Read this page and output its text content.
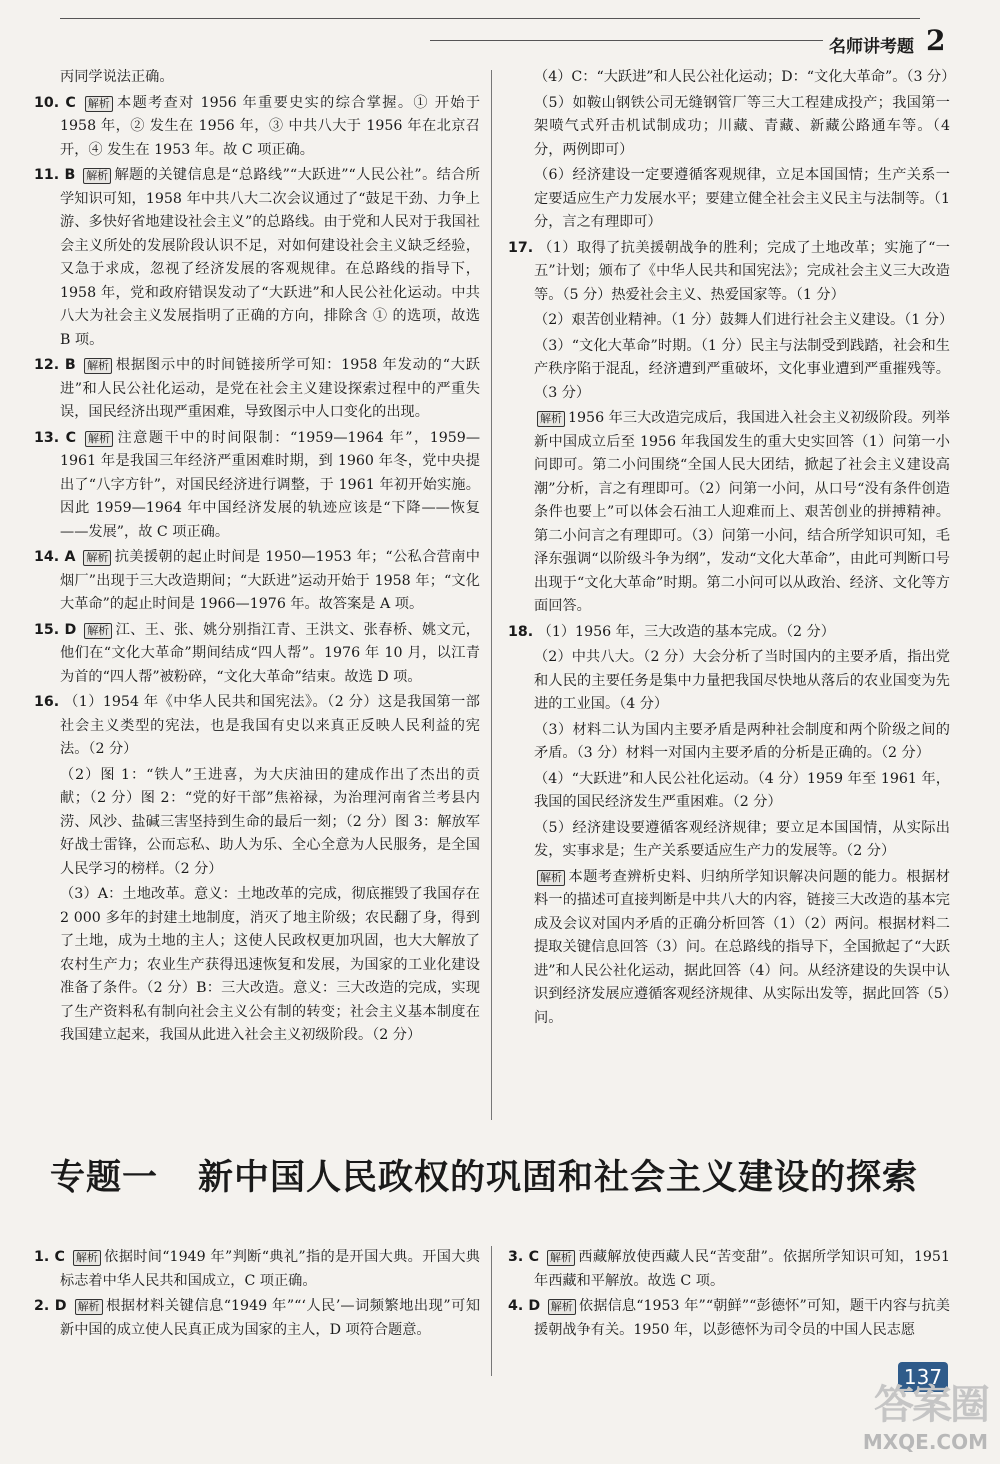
名师讲考题 2
丙同学说法正确。
10. C 解析 本题考查对 1956 年重要史实的综合掌握。① 开始于 1958 年，② 发生在 1956 年，③ 中共八大于 1956 年在北京召开，④ 发生在 1953 年。故 C 项正确。
11. B 解析 解题的关键信息是“总路线”“大跃进”“人民公社”。结合所学知识可知，1958 年中共八大二次会议通过了“鼓足干劲、力争上游、多快好省地建设社会主义”的总路线。由于党和人民对于我国社会主义所处的发展阶段认识不足，对如何建设社会主义缺乏经验，又急于求成，忽视了经济发展的客观规律。在总路线的指导下，1958 年，党和政府错误发动了“大跃进”和人民公社化运动。中共八大为社会主义发展指明了正确的方向，排除含 ① 的选项，故选 B 项。
12. B 解析 根据图示中的时间链接所学可知：1958 年发动的“大跃进”和人民公社化运动，是党在社会主义建设探索过程中的严重失误，国民经济出现严重困难，导致图示中人口变化的出现。
13. C 解析 注意题干中的时间限制：“1959—1964 年”，1959—1961 年是我国三年经济严重困难时期，到 1960 年冬，党中央提出了“八字方针”，对国民经济进行调整，于 1961 年初开始实施。因此 1959—1964 年中国经济发展的轨迹应该是“下降——恢复——发展”，故 C 项正确。
14. A 解析 抗美援朝的起止时间是 1950—1953 年；“公私合营南中烟厂”出现于三大改造期间；“大跃进”运动开始于 1958 年；“文化大革命”的起止时间是 1966—1976 年。故答案是 A 项。
15. D 解析 江、王、张、姚分别指江青、王洪文、张春桥、姚文元，他们在“文化大革命”期间结成“四人帮”。1976 年 10 月，以江青为首的“四人帮”被粉碎，“文化大革命”结束。故选 D 项。
16. （1）1954 年《中华人民共和国宪法》。（2 分）这是我国第一部社会主义类型的宪法，也是我国有史以来真正反映人民利益的宪法。（2 分）
（2）图 1：“铁人”王进喜，为大庆油田的建成作出了杰出的贡献；（2 分）图 2：“党的好干部”焦裕禄，为治理河南省兰考县内涝、风沙、盐碱三害坚持到生命的最后一刻；（2 分）图 3：解放军好战士雷锋，公而忘私、助人为乐、全心全意为人民服务，是全国人民学习的榜样。（2 分）
（3）A：土地改革。意义：土地改革的完成，彻底摧毁了我国存在 2 000 多年的封建土地制度，消灭了地主阶级；农民翻了身，得到了土地，成为土地的主人；这使人民政权更加巩固，也大大解放了农村生产力；农业生产获得迅速恢复和发展，为国家的工业化建设准备了条件。（2 分）B：三大改造。意义：三大改造的完成，实现了生产资料私有制向社会主义公有制的转变；社会主义基本制度在我国建立起来，我国从此进入社会主义初级阶段。（2 分）
（4）C：“大跃进”和人民公社化运动；D：“文化大革命”。（3 分）
（5）如鞍山钢铁公司无缝钢管厂等三大工程建成投产；我国第一架喷气式歼击机试制成功；川藏、青藏、新藏公路通车等。（4 分，两例即可）
（6）经济建设一定要遵循客观规律，立足本国国情；生产关系一定要适应生产力发展水平；要建立健全社会主义民主与法制等。（1 分，言之有理即可）
17. （1）取得了抗美援朝战争的胜利；完成了土地改革；实施了“一五”计划；颁布了《中华人民共和国宪法》；完成社会主义三大改造等。（5 分）热爱社会主义、热爱国家等。（1 分）
（2）艰苦创业精神。（1 分）鼓舞人们进行社会主义建设。（1 分）
（3）“文化大革命”时期。（1 分）民主与法制受到践踏，社会和生产秩序陷于混乱，经济遭到严重破坏，文化事业遭到严重摧残等。（3 分）
解析 1956 年三大改造完成后，我国进入社会主义初级阶段。列举新中国成立后至 1956 年我国发生的重大史实回答（1）问第一小问即可。第二小问围绕“全国人民大团结，掀起了社会主义建设高潮”分析，言之有理即可。（2）问第一小问，从口号“没有条件创造条件也要上”可以体会石油工人迎难而上、艰苦创业的拼搏精神。第二小问言之有理即可。（3）问第一小问，结合所学知识可知，毛泽东强调“以阶级斗争为纲”，发动“文化大革命”，由此可判断口号出现于“文化大革命”时期。第二小问可以从政治、经济、文化等方面回答。
18. （1）1956 年，三大改造的基本完成。（2 分）
（2）中共八大。（2 分）大会分析了当时国内的主要矛盾，指出党和人民的主要任务是集中力量把我国尽快地从落后的农业国变为先进的工业国。（4 分）
（3）材料二认为国内主要矛盾是两种社会制度和两个阶级之间的矛盾。（3 分）材料一对国内主要矛盾的分析是正确的。（2 分）
（4）“大跃进”和人民公社化运动。（4 分）1959 年至 1961 年，我国的国民经济发生严重困难。（2 分）
（5）经济建设要遵循客观经济规律；要立足本国国情，从实际出发，实事求是；生产关系要适应生产力的发展等。（2 分）
解析 本题考查辨析史料、归纳所学知识解决问题的能力。根据材料一的描述可直接判断是中共八大的内容，链接三大改造的基本完成及会议对国内矛盾的正确分析回答（1）（2）两问。根据材料二提取关键信息回答（3）问。在总路线的指导下，全国掀起了“大跃进”和人民公社化运动，据此回答（4）问。从经济建设的失误中认识到经济发展应遵循客观经济规律、从实际出发等，据此回答（5）问。
专题一 新中国人民政权的巩固和社会主义建设的探索
1. C 解析 依据时间“1949 年”判断“典礼”指的是开国大典。开国大典标志着中华人民共和国成立，C 项正确。
2. D 解析 根据材料关键信息“1949 年”“‘人民’—词频繁地出现”可知新中国的成立使人民真正成为国家的主人，D 项符合题意。
3. C 解析 西藏解放使西藏人民“苦变甜”。依据所学知识可知，1951 年西藏和平解放。故选 C 项。
4. D 解析 依据信息“1953 年”“朝鲜”“彭德怀”可知，题干内容与抗美援朝战争有关。1950 年，以彭德怀为司令员的中国人民志愿
137
答案圈
MXQE.COM
